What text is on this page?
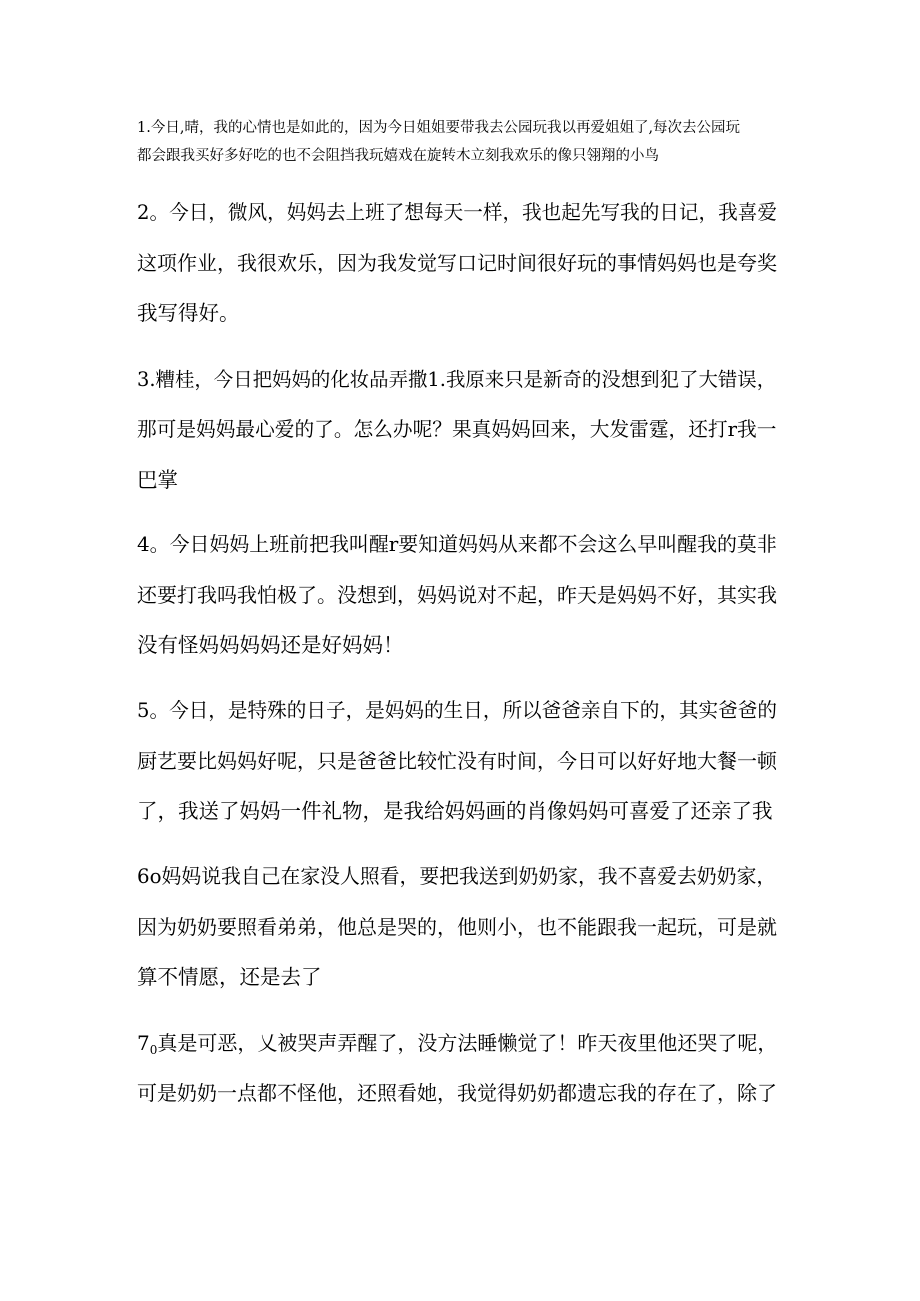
1.今日,晴，我的心情也是如此的，因为今日姐姐要带我去公园玩我以再爱姐姐了,每次去公园玩
都会跟我买好多好吃的也不会阻挡我玩嬉戏在旋转木立刻我欢乐的像只翎翔的小鸟
2。今日，微风，妈妈去上班了想每天一样，我也起先写我的日记，我喜爱
这项作业，我很欢乐，因为我发觉写口记时间很好玩的事情妈妈也是夸奖
我写得好。
3.糟桂，今日把妈妈的化妆品弄撒1.我原来只是新奇的没想到犯了大错误，
那可是妈妈最心爱的了。怎么办呢？果真妈妈回来，大发雷霆，还打r我一
巴掌
4。今日妈妈上班前把我叫醒r要知道妈妈从来都不会这么早叫醒我的莫非
还要打我吗我怕极了。没想到，妈妈说对不起，昨天是妈妈不好，其实我
没有怪妈妈妈妈还是好妈妈！
5。今日，是特殊的日子，是妈妈的生日，所以爸爸亲自下的，其实爸爸的
厨艺要比妈妈好呢，只是爸爸比较忙没有时间，今日可以好好地大餐一顿
了，我送了妈妈一件礼物，是我给妈妈画的肖像妈妈可喜爱了还亲了我
6o妈妈说我自己在家没人照看，要把我送到奶奶家，我不喜爱去奶奶家，
因为奶奶要照看弟弟，他总是哭的，他则小，也不能跟我一起玩，可是就
算不情愿，还是去了
$7_0$真是可恶，乂被哭声弄醒了，没方法睡懒觉了！昨天夜里他还哭了呢，
可是奶奶一点都不怪他，还照看她，我觉得奶奶都遗忘我的存在了，除了
